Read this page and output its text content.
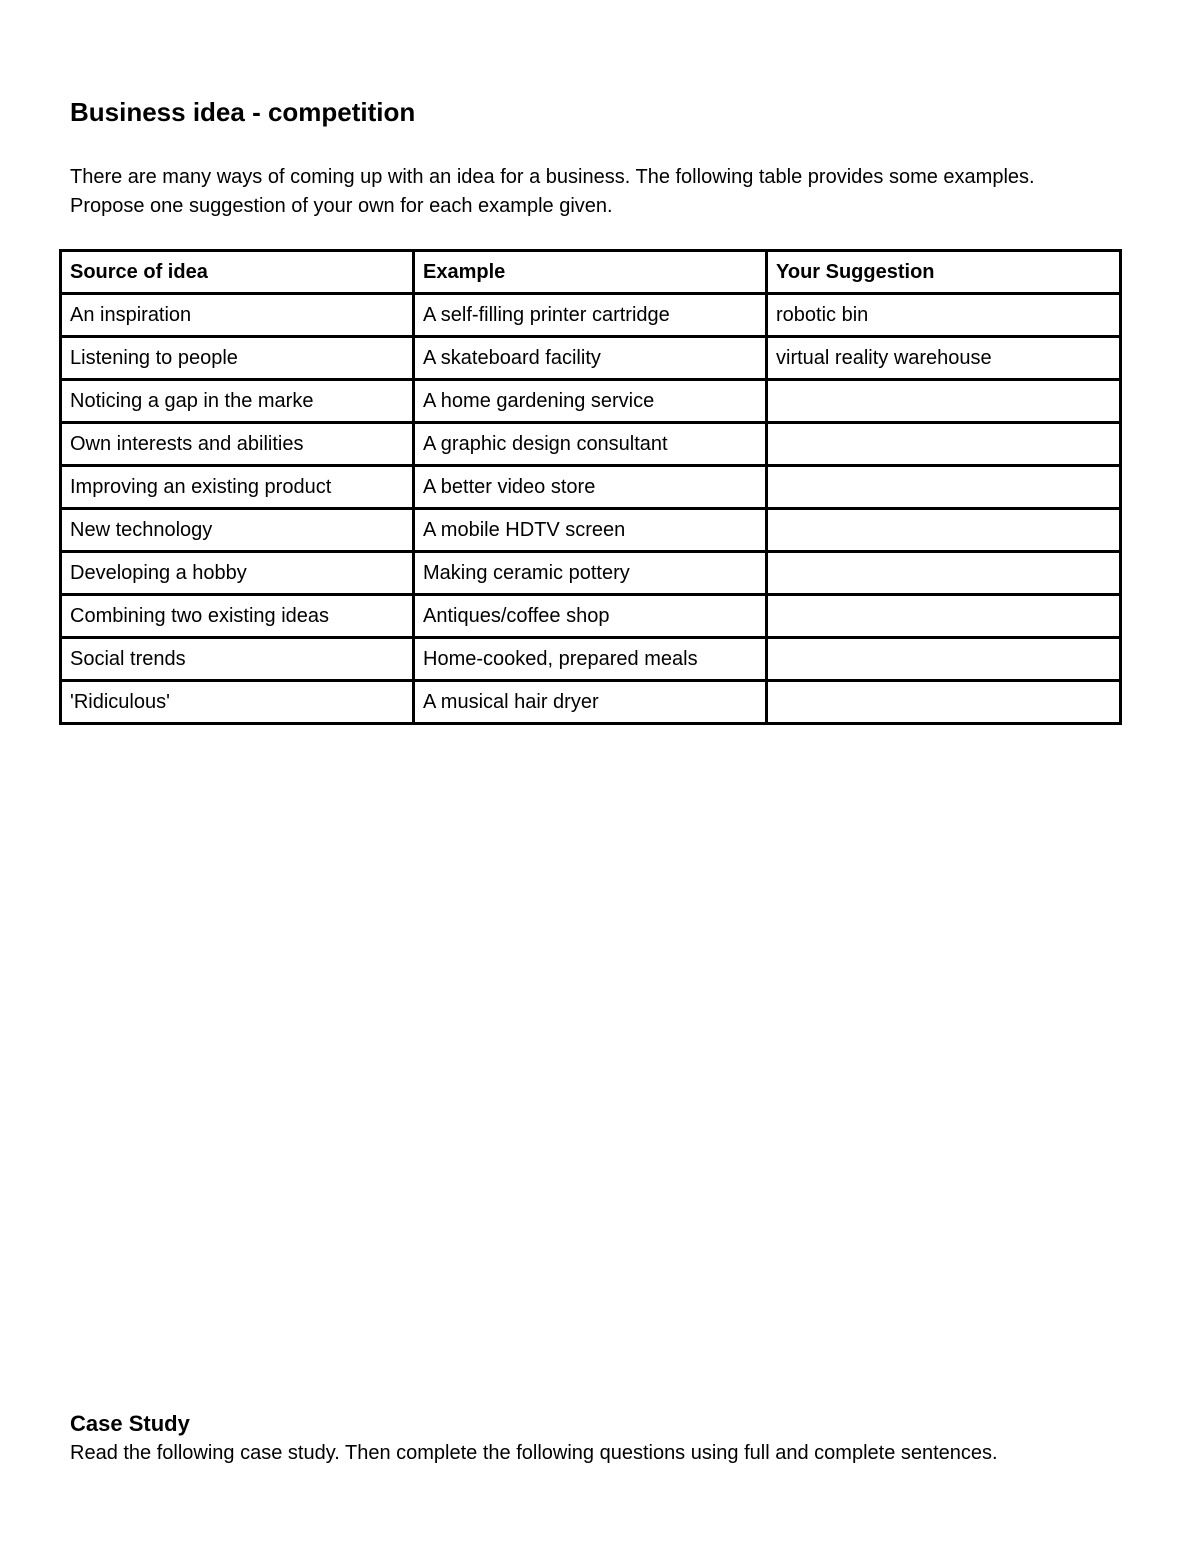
Business idea - competition
There are many ways of coming up with an idea for a business. The following table provides some examples.
Propose one suggestion of your own for each example given.
Source of idea	Example	Your Suggestion
An inspiration	A self-filling printer cartridge	robotic bin
Listening to people	A skateboard facility	virtual reality warehouse
Noticing a gap in the marke	A home gardening service	
Own interests and abilities	A graphic design consultant	
Improving an existing product	A better video store	
New technology	A mobile HDTV screen	
Developing a hobby	Making ceramic pottery	
Combining two existing ideas	Antiques/coffee shop	
Social trends	Home-cooked, prepared meals	
'Ridiculous'	A musical hair dryer	
Case Study

Read the following case study. Then complete the following questions using full and complete sentences.
